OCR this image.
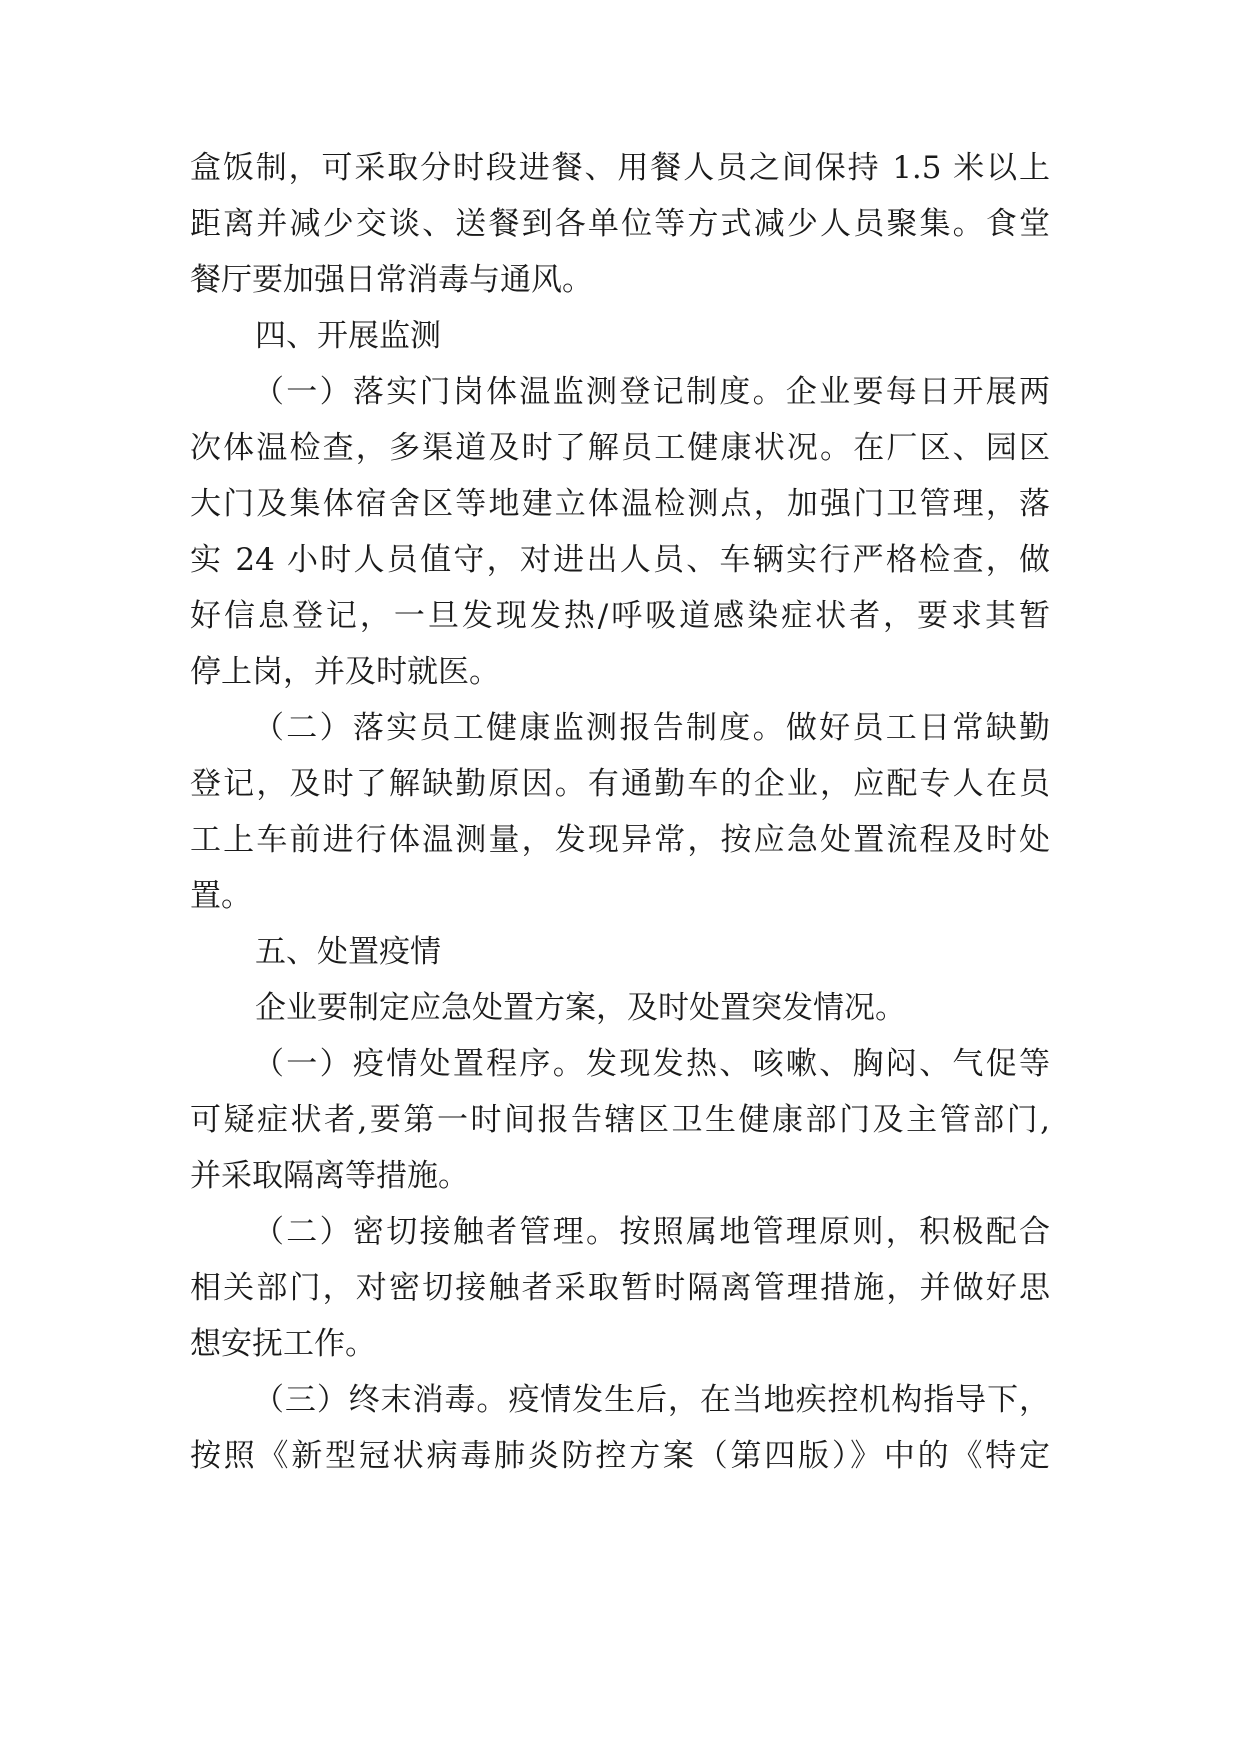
盒饭制，可采取分时段进餐、用餐人员之间保持 1.5 米以上
距离并减少交谈、送餐到各单位等方式减少人员聚集。食堂
餐厅要加强日常消毒与通风。
四、开展监测
（一）落实门岗体温监测登记制度。企业要每日开展两
次体温检查，多渠道及时了解员工健康状况。在厂区、园区
大门及集体宿舍区等地建立体温检测点，加强门卫管理，落
实 24 小时人员值守，对进出人员、车辆实行严格检查，做
好信息登记，一旦发现发热/呼吸道感染症状者，要求其暂
停上岗，并及时就医。
（二）落实员工健康监测报告制度。做好员工日常缺勤
登记，及时了解缺勤原因。有通勤车的企业，应配专人在员
工上车前进行体温测量，发现异常，按应急处置流程及时处
置。
五、处置疫情
企业要制定应急处置方案，及时处置突发情况。
（一）疫情处置程序。发现发热、咳嗽、胸闷、气促等
可疑症状者,要第一时间报告辖区卫生健康部门及主管部门,
并采取隔离等措施。
（二）密切接触者管理。按照属地管理原则，积极配合
相关部门，对密切接触者采取暂时隔离管理措施，并做好思
想安抚工作。
（三）终末消毒。疫情发生后，在当地疾控机构指导下，
按照《新型冠状病毒肺炎防控方案（第四版）》中的《特定
